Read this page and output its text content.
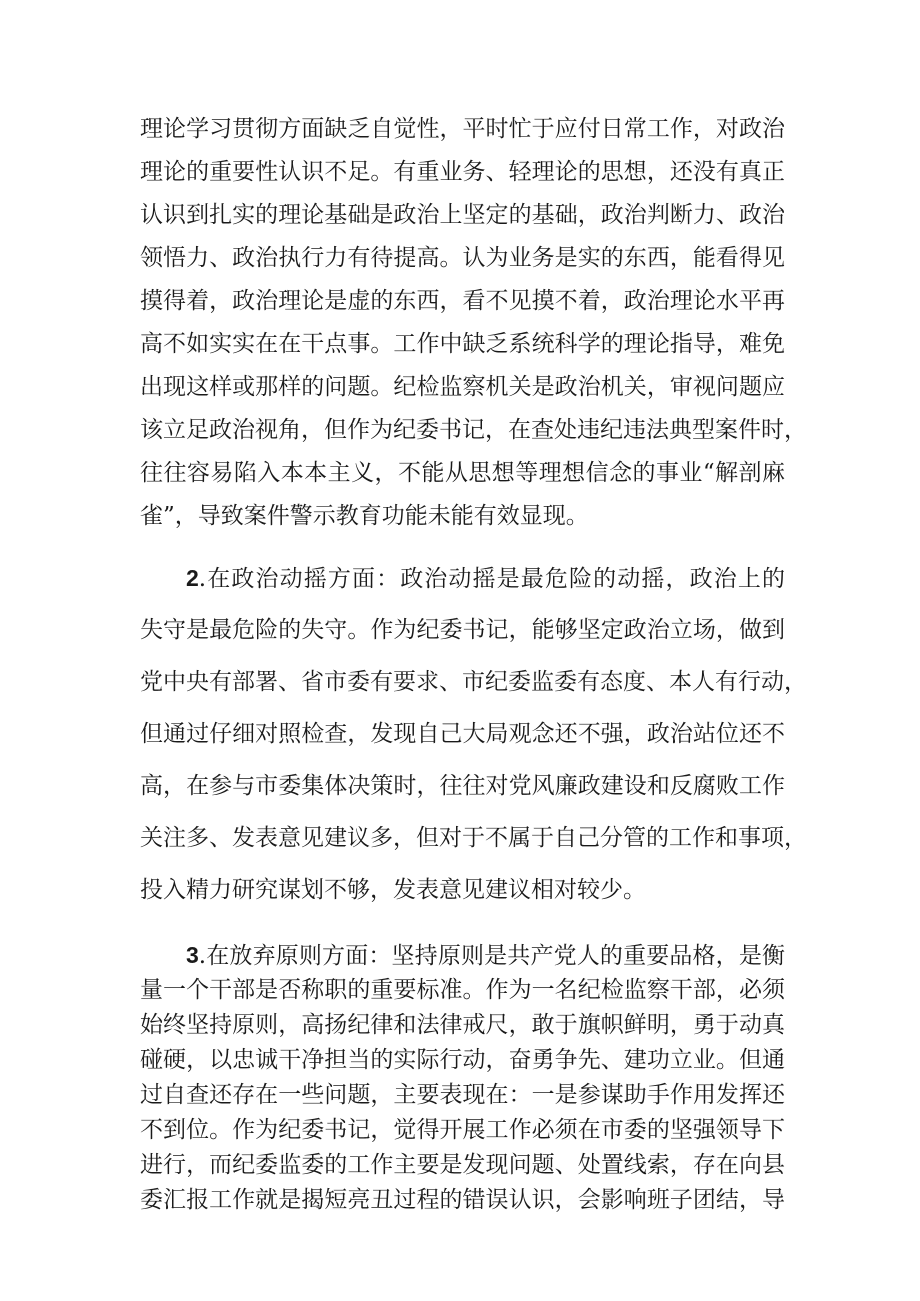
理论学习贯彻方面缺乏自觉性，平时忙于应付日常工作，对政治
理论的重要性认识不足。有重业务、轻理论的思想，还没有真正
认识到扎实的理论基础是政治上坚定的基础，政治判断力、政治
领悟力、政治执行力有待提高。认为业务是实的东西，能看得见
摸得着，政治理论是虚的东西，看不见摸不着，政治理论水平再
高不如实实在在干点事。工作中缺乏系统科学的理论指导，难免
出现这样或那样的问题。纪检监察机关是政治机关，审视问题应
该立足政治视角，但作为纪委书记，在查处违纪违法典型案件时，
往往容易陷入本本主义，不能从思想等理想信念的事业“解剖麻
雀”，导致案件警示教育功能未能有效显现。
2.在政治动摇方面：政治动摇是最危险的动摇，政治上的
失守是最危险的失守。作为纪委书记，能够坚定政治立场，做到
党中央有部署、省市委有要求、市纪委监委有态度、本人有行动，
但通过仔细对照检查，发现自己大局观念还不强，政治站位还不
高，在参与市委集体决策时，往往对党风廉政建设和反腐败工作
关注多、发表意见建议多，但对于不属于自己分管的工作和事项，
投入精力研究谋划不够，发表意见建议相对较少。
3.在放弃原则方面：坚持原则是共产党人的重要品格，是衡
量一个干部是否称职的重要标准。作为一名纪检监察干部，必须
始终坚持原则，高扬纪律和法律戒尺，敢于旗帜鲜明，勇于动真
碰硬，以忠诚干净担当的实际行动，奋勇争先、建功立业。但通
过自查还存在一些问题，主要表现在：一是参谋助手作用发挥还
不到位。作为纪委书记，觉得开展工作必须在市委的坚强领导下
进行，而纪委监委的工作主要是发现问题、处置线索，存在向县
委汇报工作就是揭短亮丑过程的错误认识，会影响班子团结，导
